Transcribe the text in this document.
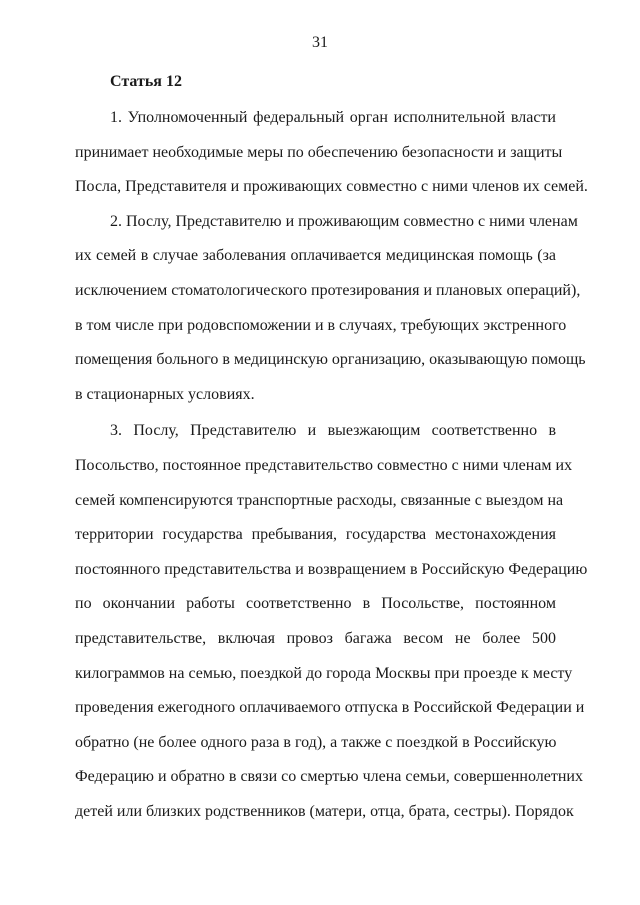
31
Статья 12
1. Уполномоченный федеральный орган исполнительной власти
принимает необходимые меры по обеспечению безопасности и защиты
Посла, Представителя и проживающих совместно с ними членов их семей.
2. Послу, Представителю и проживающим совместно с ними членам
их семей в случае заболевания оплачивается медицинская помощь (за
исключением стоматологического протезирования и плановых операций),
в том числе при родовспоможении и в случаях, требующих экстренного
помещения больного в медицинскую организацию, оказывающую помощь
в стационарных условиях.
3. Послу, Представителю и выезжающим соответственно в
Посольство, постоянное представительство совместно с ними членам их
семей компенсируются транспортные расходы, связанные с выездом на
территории государства пребывания, государства местонахождения
постоянного представительства и возвращением в Российскую Федерацию
по окончании работы соответственно в Посольстве, постоянном
представительстве, включая провоз багажа весом не более 500
килограммов на семью, поездкой до города Москвы при проезде к месту
проведения ежегодного оплачиваемого отпуска в Российской Федерации и
обратно (не более одного раза в год), а также с поездкой в Российскую
Федерацию и обратно в связи со смертью члена семьи, совершеннолетних
детей или близких родственников (матери, отца, брата, сестры). Порядок
